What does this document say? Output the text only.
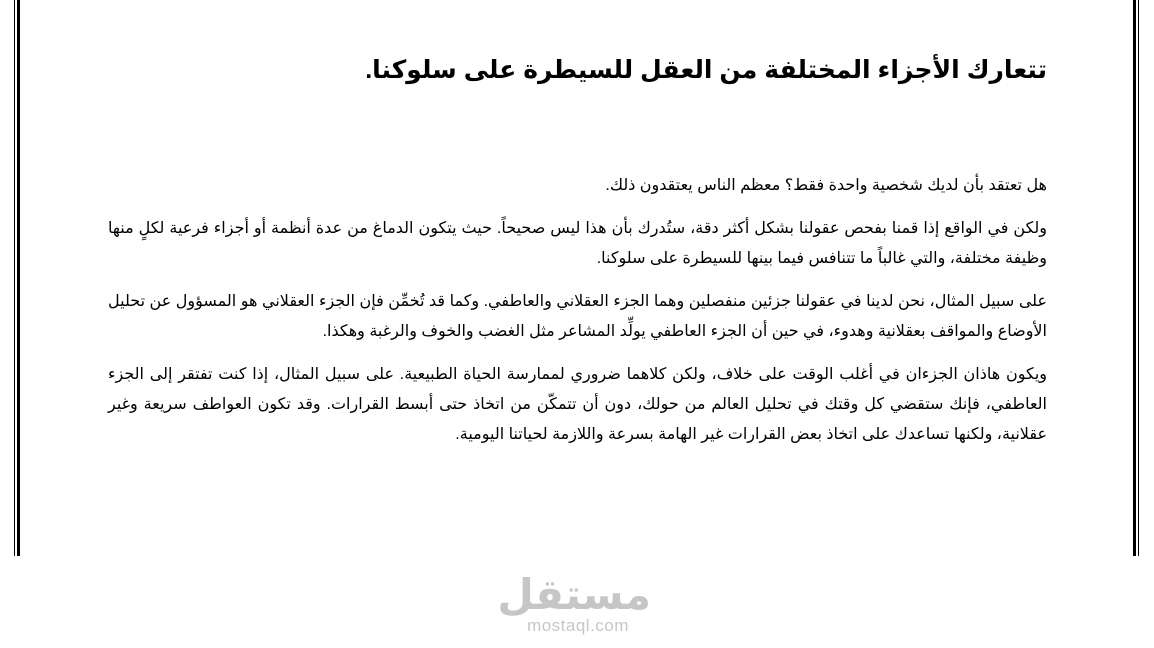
تتعارك الأجزاء المختلفة من العقل للسيطرة على سلوكنا.

هل تعتقد بأن لديك شخصية واحدة فقط؟ معظم الناس يعتقدون ذلك.

ولكن في الواقع إذا قمنا بفحص عقولنا بشكل أكثر دقة، ستُدرك بأن هذا ليس صحيحاً. حيث يتكون الدماغ من عدة أنظمة أو أجزاء فرعية لكلٍ منها وظيفة مختلفة، والتي غالباً ما تتنافس فيما بينها للسيطرة على سلوكنا.

على سبيل المثال، نحن لدينا في عقولنا جزئين منفصلين وهما الجزء العقلاني والعاطفي. وكما قد تُخمِّن فإن الجزء العقلاني هو المسؤول عن تحليل الأوضاع والمواقف بعقلانية وهدوء، في حين أن الجزء العاطفي يولِّد المشاعر مثل الغضب والخوف والرغبة وهكذا.

ويكون هاذان الجزءان في أغلب الوقت على خلاف، ولكن كلاهما ضروري لممارسة الحياة الطبيعية. على سبيل المثال، إذا كنت تفتقر إلى الجزء العاطفي، فإنك ستقضي كل وقتك في تحليل العالم من حولك، دون أن تتمكّن من اتخاذ حتى أبسط القرارات. وقد تكون العواطف سريعة وغير عقلانية، ولكنها تساعدك على اتخاذ بعض القرارات غير الهامة بسرعة واللازمة لحياتنا اليومية.

مستقل
mostaql.com
